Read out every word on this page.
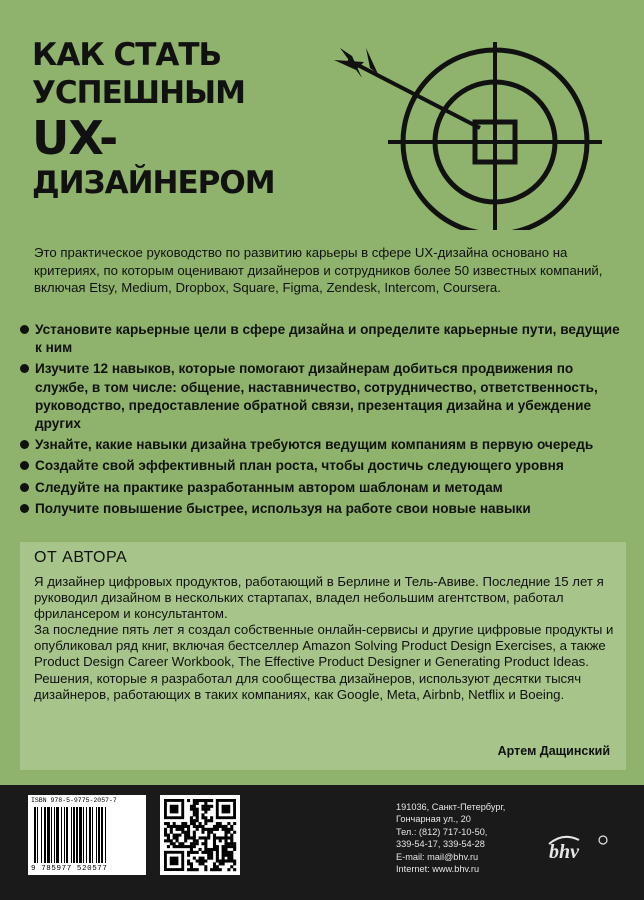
КАК СТАТЬ
УСПЕШНЫМ
UX-
ДИЗАЙНЕРОМ
Это практическое руководство по развитию карьеры в сфере UX-дизайна основано на критериях, по которым оценивают дизайнеров и сотрудников более 50 известных компаний, включая Etsy, Medium, Dropbox, Square, Figma, Zendesk, Intercom, Coursera.
Установите карьерные цели в сфере дизайна и определите карьерные пути, ведущие к ним
Изучите 12 навыков, которые помогают дизайнерам добиться продвижения по службе, в том числе: общение, наставничество, сотрудничество, ответственность, руководство, предоставление обратной связи, презентация дизайна и убеждение других
Узнайте, какие навыки дизайна требуются ведущим компаниям в первую очередь
Создайте свой эффективный план роста, чтобы достичь следующего уровня
Следуйте на практике разработанным автором шаблонам и методам
Получите повышение быстрее, используя на работе свои новые навыки
ОТ АВТОРА

Я дизайнер цифровых продуктов, работающий в Берлине и Тель-Авиве. Последние 15 лет я руководил дизайном в нескольких стартапах, владел небольшим агентством, работал фрилансером и консультантом.

За последние пять лет я создал собственные онлайн-сервисы и другие цифровые продукты и опубликовал ряд книг, включая бестселлер Amazon Solving Product Design Exercises, а также Product Design Career Workbook, The Effective Product Designer и Generating Product Ideas.

Решения, которые я разработал для сообщества дизайнеров, используют десятки тысяч дизайнеров, работающих в таких компаниях, как Google, Meta, Airbnb, Netflix и Boeing.

Артем Дащинский
ISBN 978-5-9775-2057-7
9 785977 520577
191036, Санкт-Петербург,
Гончарная ул., 20
Тел.: (812) 717-10-50,
339-54-17, 339-54-28
E-mail: mail@bhv.ru
Internet: www.bhv.ru
bhv
